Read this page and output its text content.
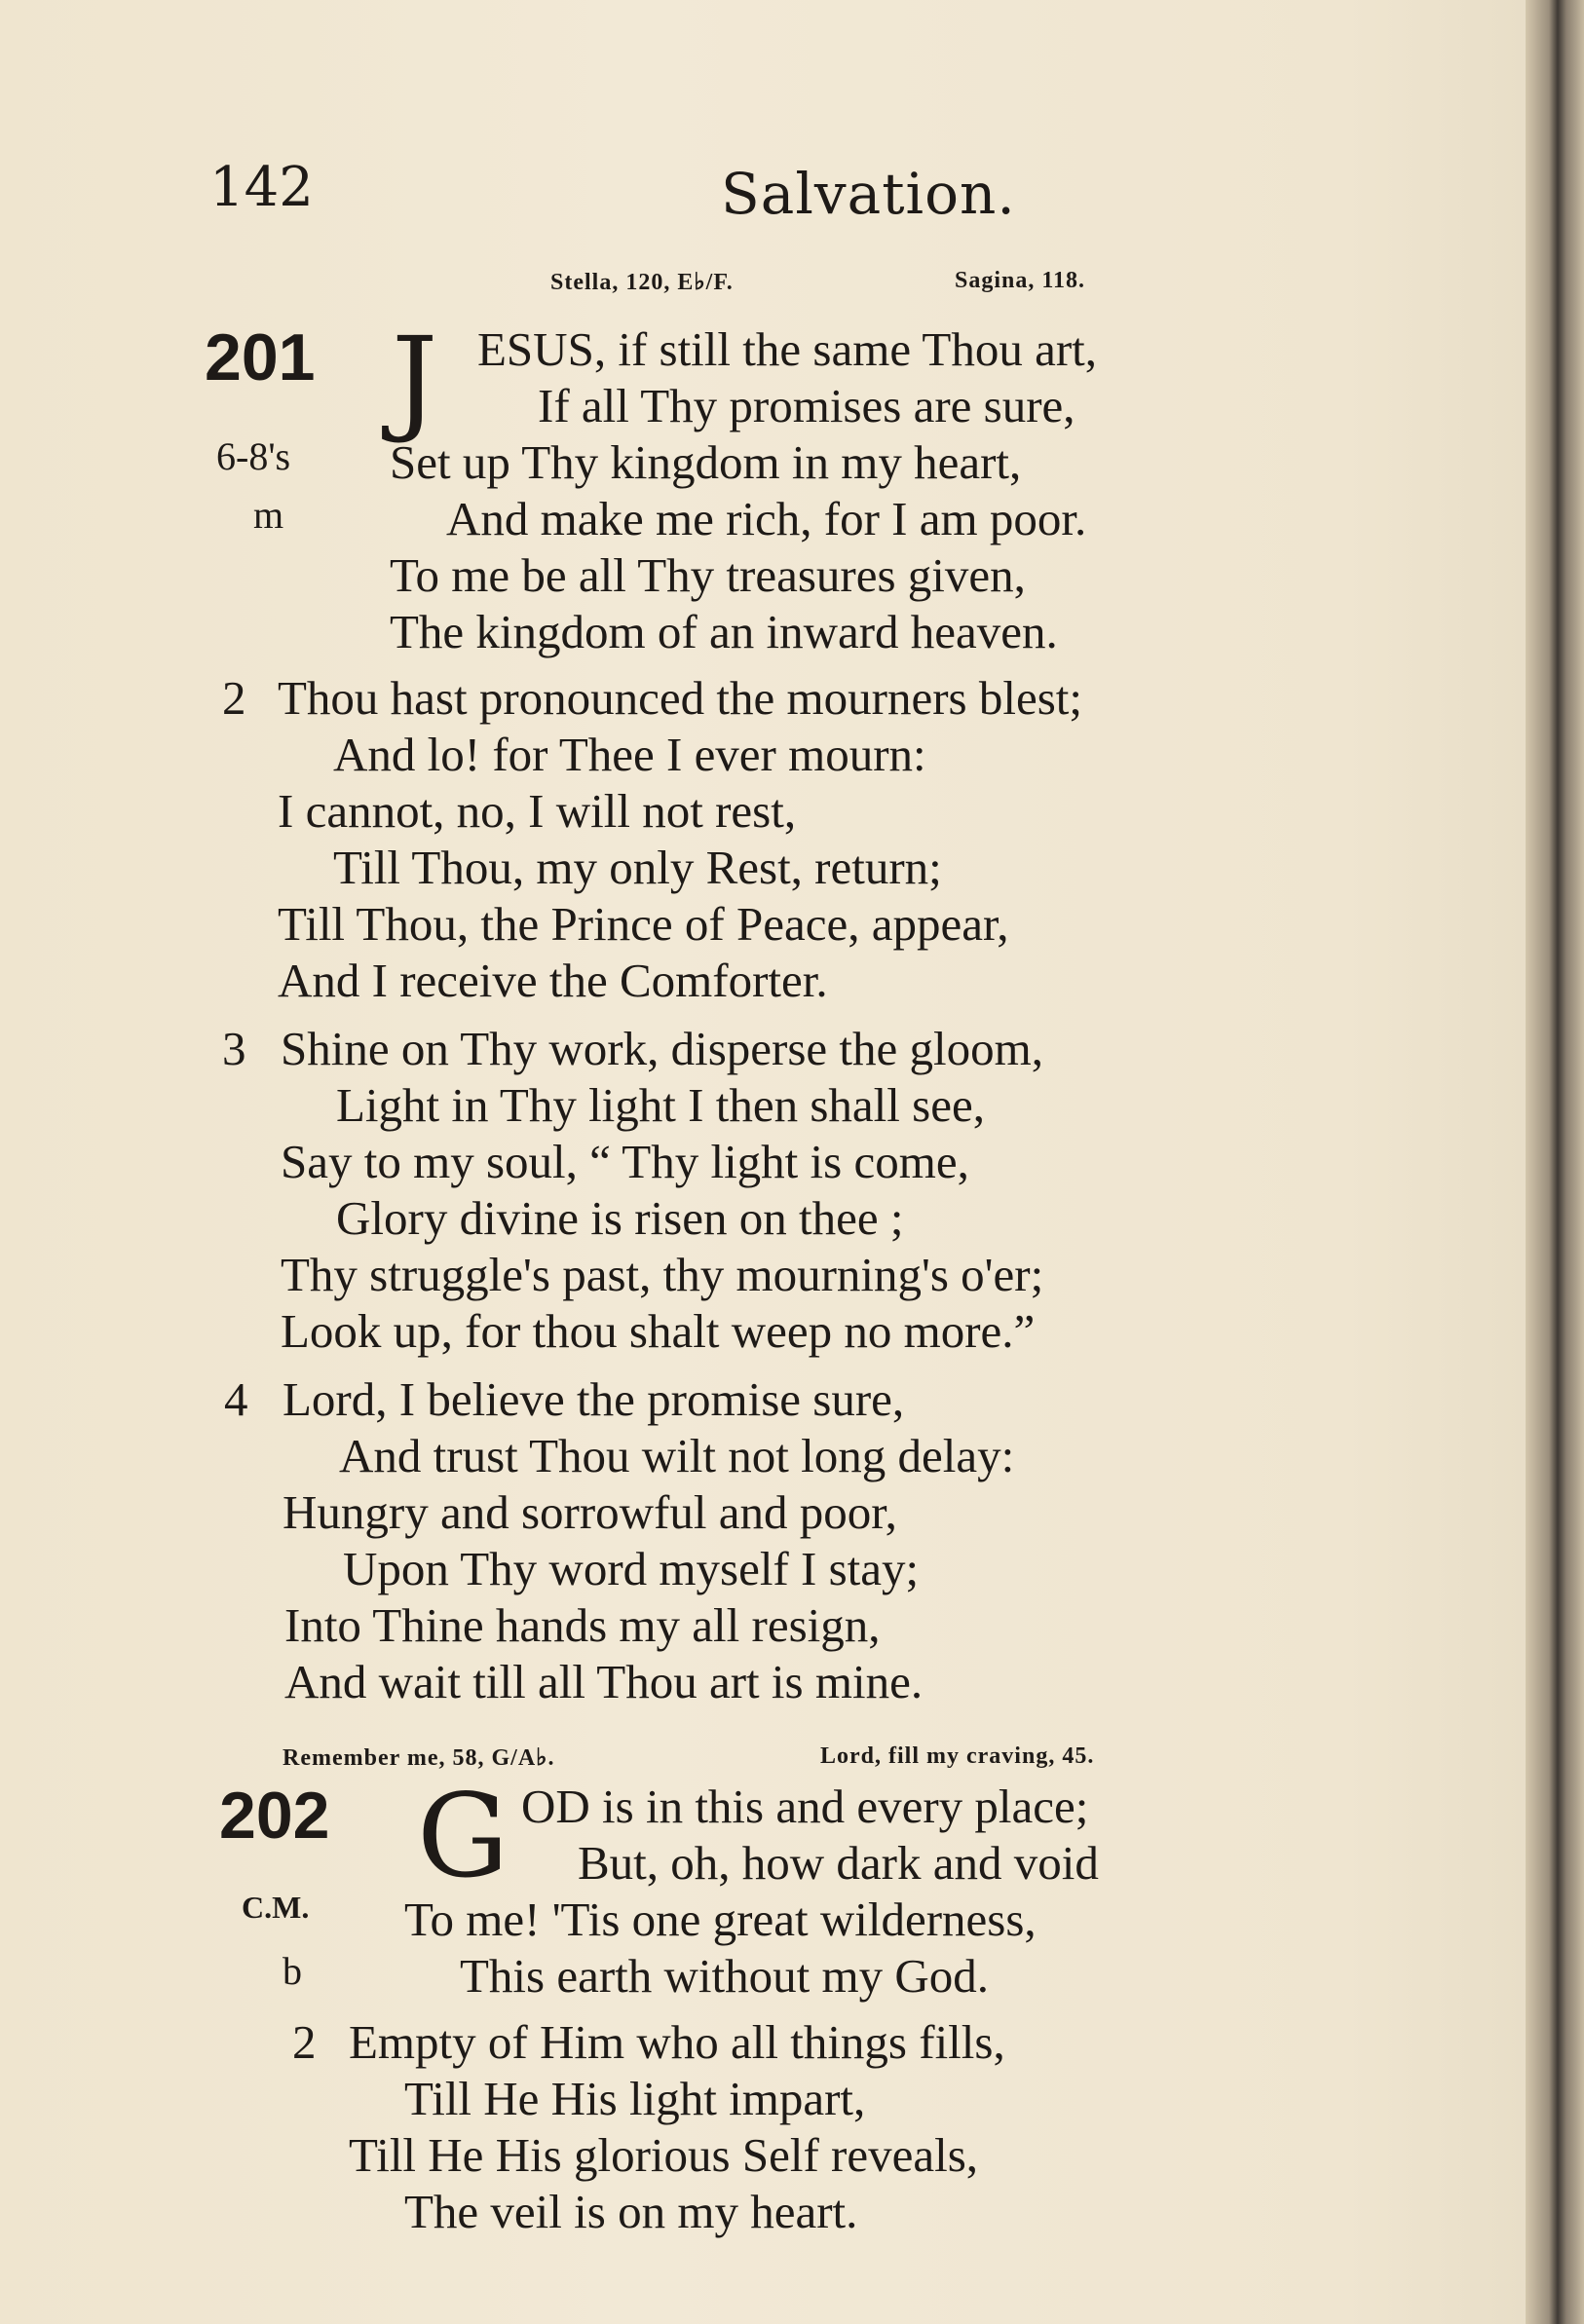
142	Salvation.
Stella, 120, E♭/F.	Sagina, 118.
201
6-8's
m
J ESUS, if still the same Thou art,
If all Thy promises are sure,
Set up Thy kingdom in my heart,
And make me rich, for I am poor.
To me be all Thy treasures given,
The kingdom of an inward heaven.
2 Thou hast pronounced the mourners blest;
And lo! for Thee I ever mourn:
I cannot, no, I will not rest,
Till Thou, my only Rest, return;
Till Thou, the Prince of Peace, appear,
And I receive the Comforter.
3 Shine on Thy work, disperse the gloom,
Light in Thy light I then shall see,
Say to my soul, “ Thy light is come,
Glory divine is risen on thee ;
Thy struggle's past, thy mourning's o'er;
Look up, for thou shalt weep no more.”
4 Lord, I believe the promise sure,
And trust Thou wilt not long delay:
Hungry and sorrowful and poor,
Upon Thy word myself I stay;
Into Thine hands my all resign,
And wait till all Thou art is mine.
Remember me, 58, G/A♭.	Lord, fill my craving, 45.
202
C.M.
b
G OD is in this and every place;
But, oh, how dark and void
To me! 'Tis one great wilderness,
This earth without my God.
2 Empty of Him who all things fills,
Till He His light impart,
Till He His glorious Self reveals,
The veil is on my heart.
